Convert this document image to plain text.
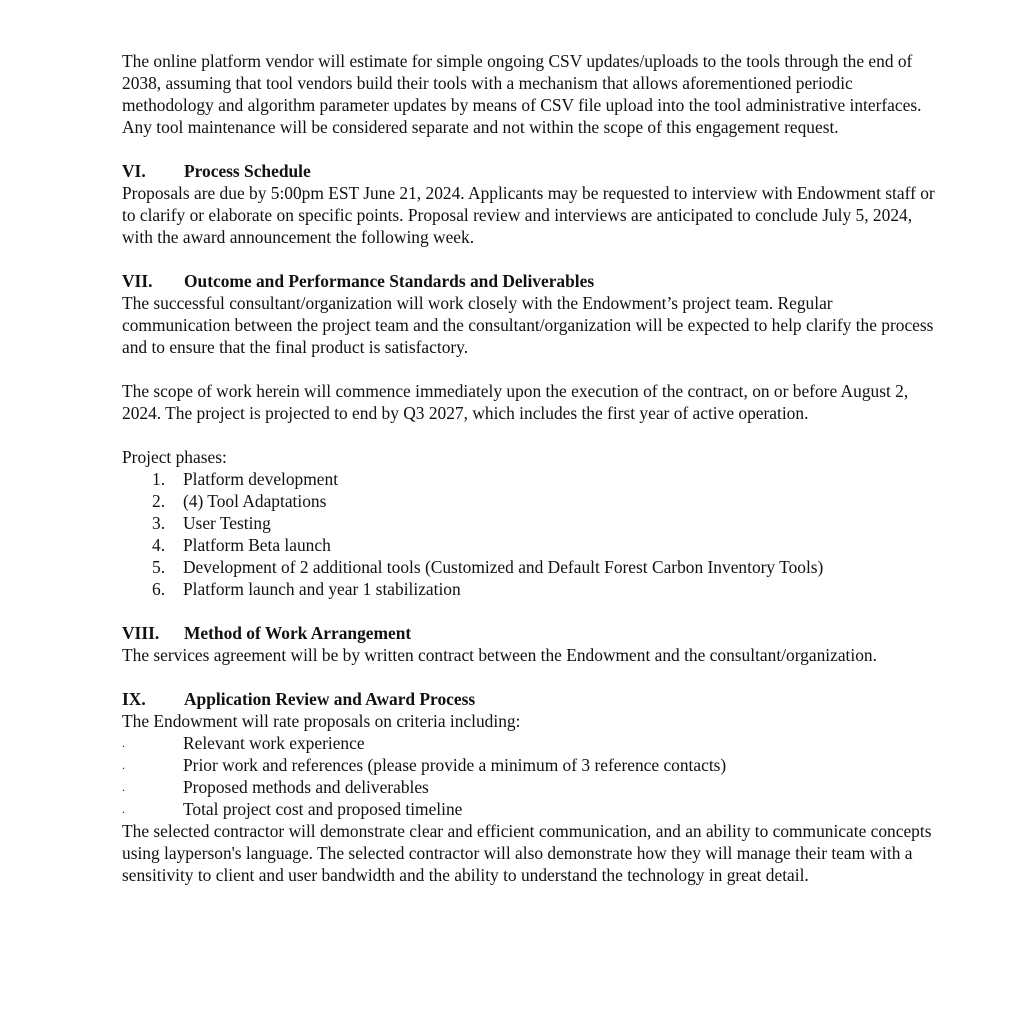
The online platform vendor will estimate for simple ongoing CSV updates/uploads to the tools through the end of 2038, assuming that tool vendors build their tools with a mechanism that allows aforementioned periodic methodology and algorithm parameter updates by means of CSV file upload into the tool administrative interfaces. Any tool maintenance will be considered separate and not within the scope of this engagement request.

VI.	Process Schedule

Proposals are due by 5:00pm EST June 21, 2024. Applicants may be requested to interview with Endowment staff or to clarify or elaborate on specific points. Proposal review and interviews are anticipated to conclude July 5, 2024, with the award announcement the following week.

VII.	Outcome and Performance Standards and Deliverables

The successful consultant/organization will work closely with the Endowment’s project team. Regular communication between the project team and the consultant/organization will be expected to help clarify the process and to ensure that the final product is satisfactory.

The scope of work herein will commence immediately upon the execution of the contract, on or before August 2, 2024. The project is projected to end by Q3 2027, which includes the first year of active operation.

Project phases:

1.	Platform development
2.	(4) Tool Adaptations
3.	User Testing
4.	Platform Beta launch
5.	Development of 2 additional tools (Customized and Default Forest Carbon Inventory Tools)
6.	Platform launch and year 1 stabilization
VIII.	Method of Work Arrangement

The services agreement will be by written contract between the Endowment and the consultant/organization.

IX.	Application Review and Award Process

The Endowment will rate proposals on criteria including:

.	Relevant work experience
.	Prior work and references (please provide a minimum of 3 reference contacts)
.	Proposed methods and deliverables
.	Total project cost and proposed timeline

The selected contractor will demonstrate clear and efficient communication, and an ability to communicate concepts using layperson's language. The selected contractor will also demonstrate how they will manage their team with a sensitivity to client and user bandwidth and the ability to understand the technology in great detail.
